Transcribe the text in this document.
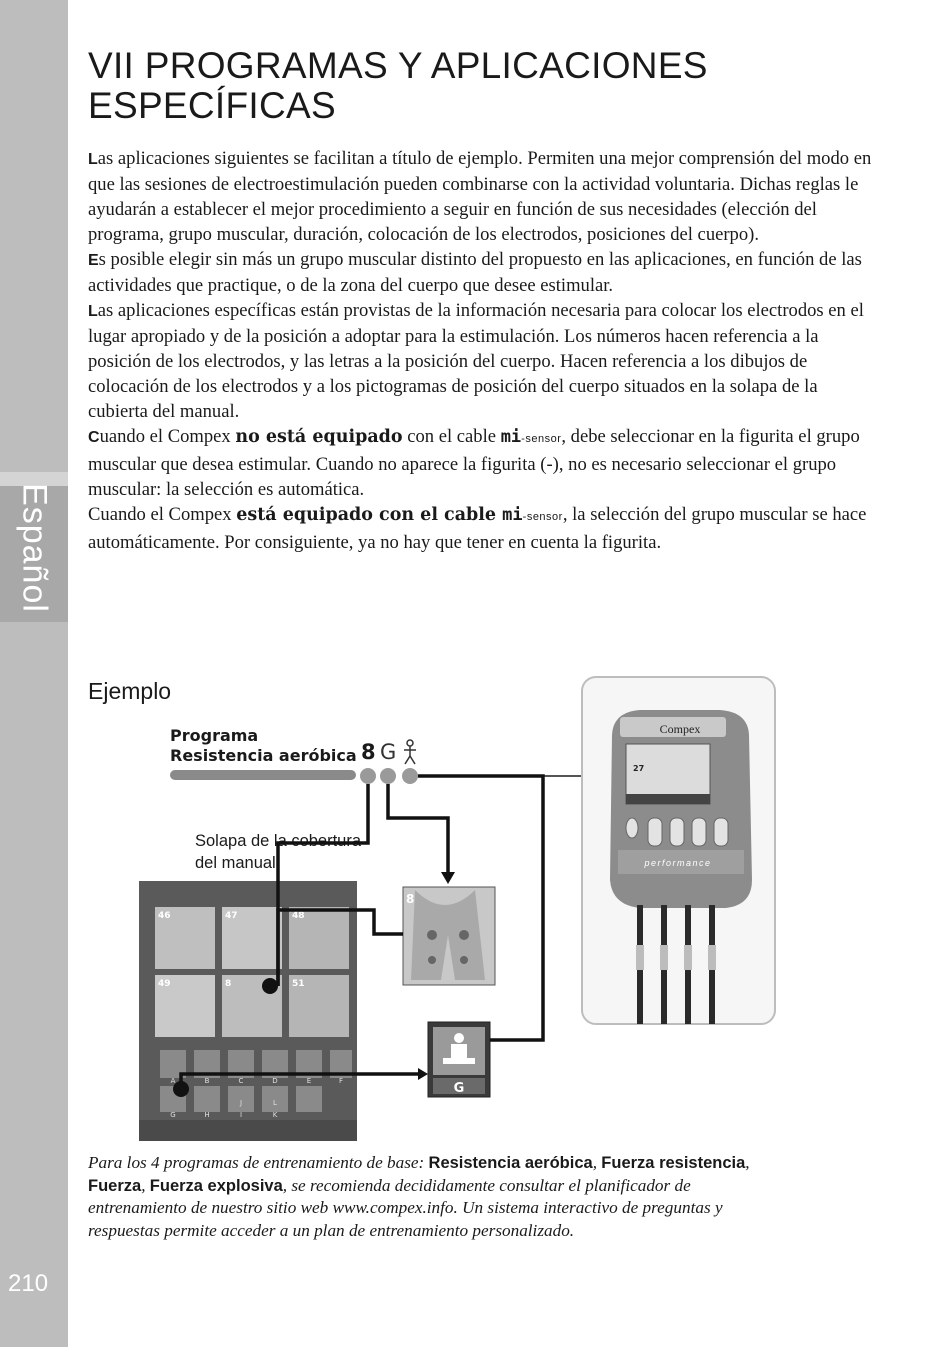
Español
210
VII PROGRAMAS Y APLICACIONES
ESPECÍFICAS

Las aplicaciones siguientes se facilitan a título de ejemplo. Permiten una mejor comprensión del modo en que las sesiones de electroestimulación pueden combinarse con la actividad voluntaria. Dichas reglas le ayudarán a establecer el mejor procedimiento a seguir en función de sus necesidades (elección del programa, grupo muscular, duración, colocación de los electrodos, posiciones del cuerpo).

Es posible elegir sin más un grupo muscular distinto del propuesto en las aplicaciones, en función de las actividades que practique, o de la zona del cuerpo que desee estimular.

Las aplicaciones específicas están provistas de la información necesaria para colocar los electrodos en el lugar apropiado y de la posición a adoptar para la estimulación. Los números hacen referencia a la posición de los electrodos, y las letras a la posición del cuerpo. Hacen referencia a los dibujos de colocación de los electrodos y a los pictogramas de posición del cuerpo situados en la solapa de la cubierta del manual.

Cuando el Compex no está equipado con el cable mi-sensor, debe seleccionar en la figurita el grupo muscular que desea estimular. Cuando no aparece la figurita (-), no es necesario seleccionar el grupo muscular: la selección es automática.

Cuando el Compex está equipado con el cable mi-sensor, la selección del grupo muscular se hace automáticamente. Por consiguiente, ya no hay que tener en cuenta la figurita.

Ejemplo
Programa
Resistencia aeróbica 8 G
Solapa de la cobertura
del manual
46	47	48
49	8	51
A	B	C	D	E	F
G	H	I	K
J	L
8
G
Compex
performance
27
Para los 4 programas de entrenamiento de base: Resistencia aeróbica, Fuerza resistencia, Fuerza, Fuerza explosiva, se recomienda decididamente consultar el planificador de entrenamiento de nuestro sitio web www.compex.info. Un sistema interactivo de preguntas y respuestas permite acceder a un plan de entrenamiento personalizado.
